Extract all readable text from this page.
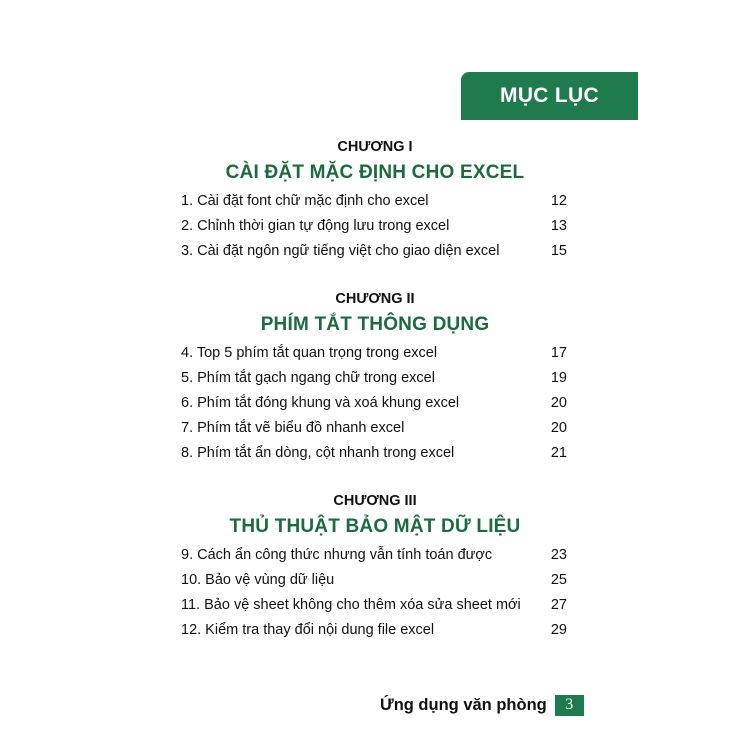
MỤC LỤC
CHƯƠNG I
CÀI ĐẶT MẶC ĐỊNH CHO EXCEL
1. Cài đặt font chữ mặc định cho excel	12
2. Chỉnh thời gian tự động lưu trong excel	13
3. Cài đặt ngôn ngữ tiếng việt cho giao diện excel	15
CHƯƠNG II
PHÍM TẮT THÔNG DỤNG
4. Top 5 phím tắt quan trọng trong excel	17
5. Phím tắt gạch ngang chữ trong excel	19
6. Phím tắt đóng khung và xoá khung excel	20
7. Phím tắt vẽ biểu đồ nhanh excel	20
8. Phím tắt ẩn dòng, cột nhanh trong excel	21
CHƯƠNG III
THỦ THUẬT BẢO MẬT DỮ LIỆU
9. Cách ẩn công thức nhưng vẫn tính toán được	23
10. Bảo vệ vùng dữ liệu	25
11. Bảo vệ sheet không cho thêm xóa sửa sheet mới 27
12. Kiểm tra thay đổi nội dung file excel	29
Ứng dụng văn phòng	3
